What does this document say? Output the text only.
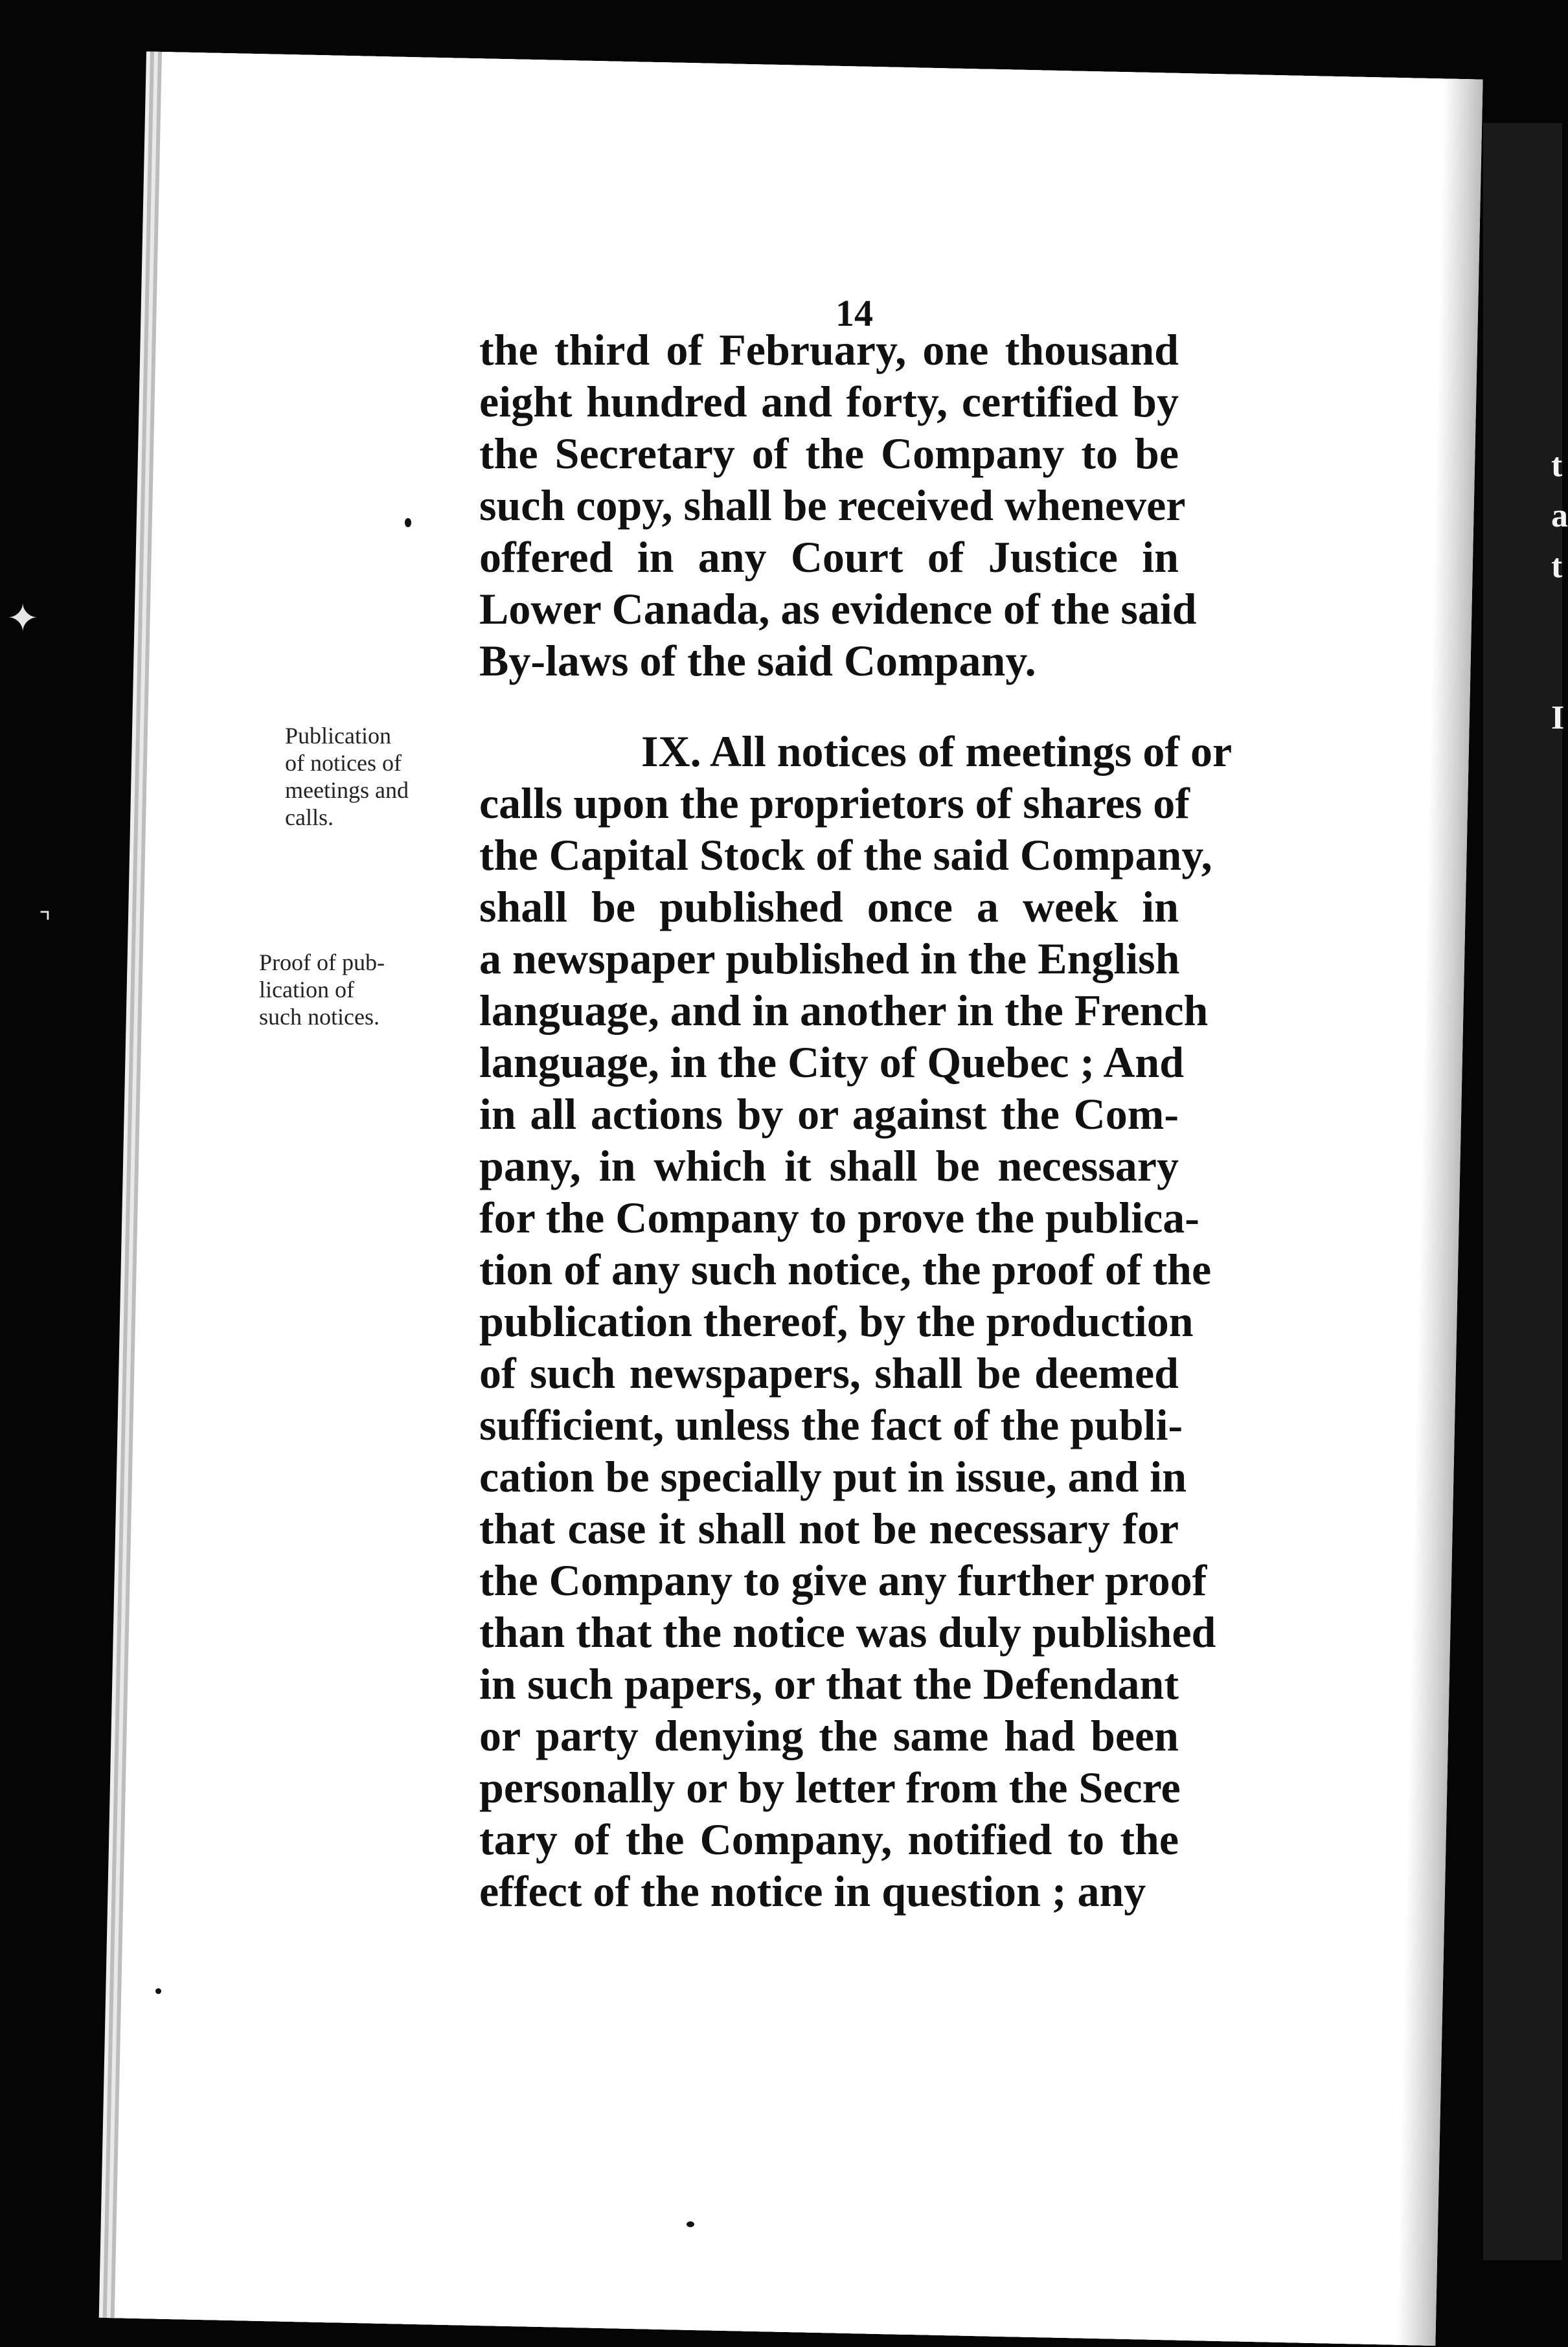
t
a
t

I
14
the third of February, one thousand
eight hundred and forty, certified by
the Secretary of the Company to be
such copy, shall be received whenever
offered in any Court of Justice in
Lower Canada, as evidence of the said
By-laws of the said Company.
Publication
of notices of
meetings and
calls.
Proof of pub-
lication of
such notices.
IX. All notices of meetings of or
calls upon the proprietors of shares of
the Capital Stock of the said Company,
shall be published once a week in
a newspaper published in the English
language, and in another in the French
language, in the City of Quebec ; And
in all actions by or against the Com-
pany, in which it shall be necessary
for the Company to prove the publica-
tion of any such notice, the proof of the
publication thereof, by the production
of such newspapers, shall be deemed
sufficient, unless the fact of the publi-
cation be specially put in issue, and in
that case it shall not be necessary for
the Company to give any further proof
than that the notice was duly published
in such papers, or that the Defendant
or party denying the same had been
personally or by letter from the Secre
tary of the Company, notified to the
effect of the notice in question ; any
✦
⌝
